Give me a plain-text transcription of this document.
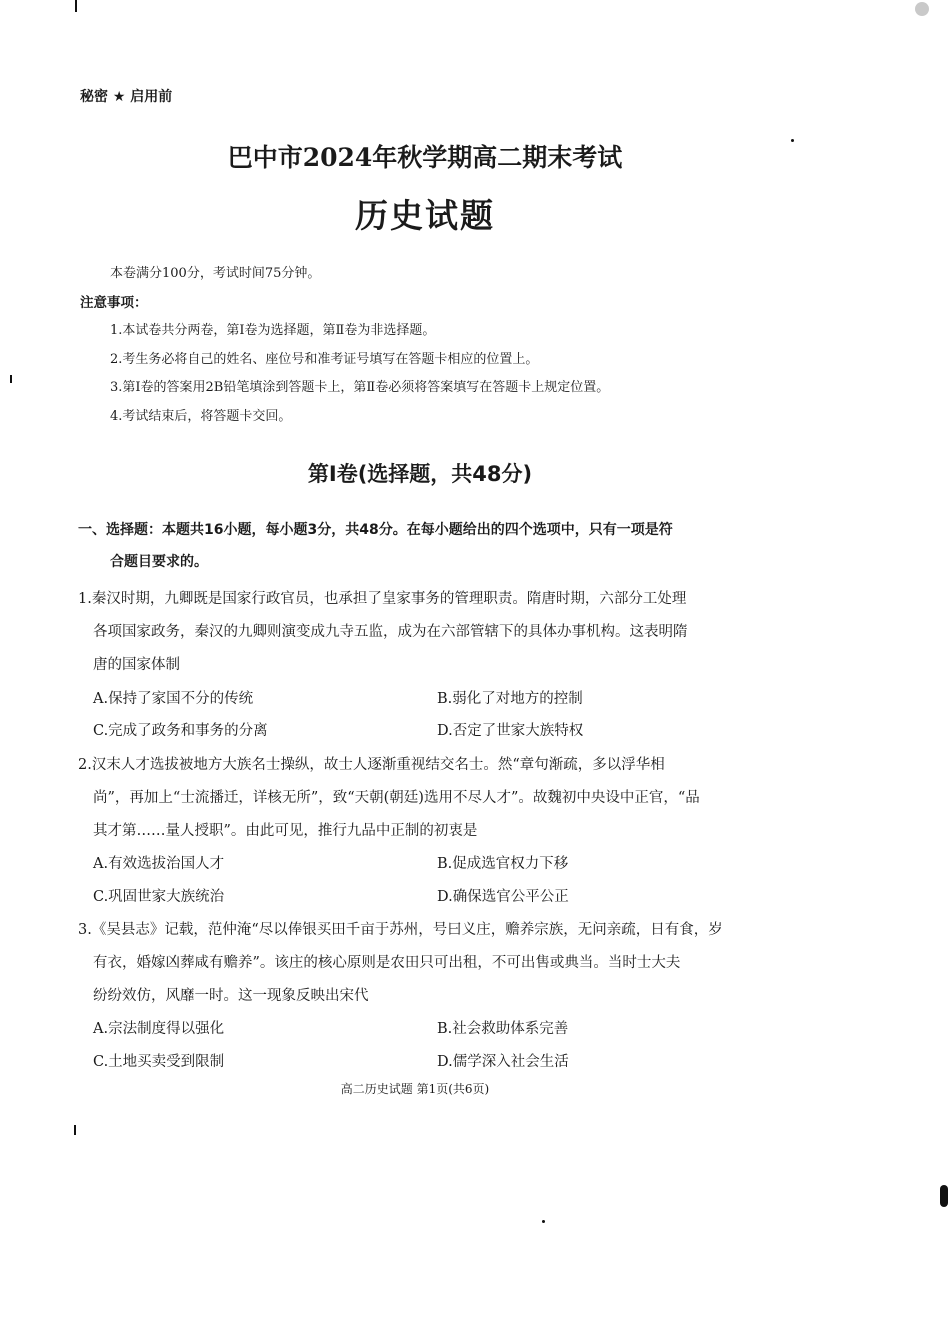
秘密 ★ 启用前
巴中市2024年秋学期高二期末考试
历史试题
本卷满分100分，考试时间75分钟。
注意事项：
1.本试卷共分两卷，第Ⅰ卷为选择题，第Ⅱ卷为非选择题。
2.考生务必将自己的姓名、座位号和准考证号填写在答题卡相应的位置上。
3.第Ⅰ卷的答案用2B铅笔填涂到答题卡上，第Ⅱ卷必须将答案填写在答题卡上规定位置。
4.考试结束后，将答题卡交回。
第Ⅰ卷(选择题，共48分)
一、选择题：本题共16小题，每小题3分，共48分。在每小题给出的四个选项中，只有一项是符
合题目要求的。
1.秦汉时期，九卿既是国家行政官员，也承担了皇家事务的管理职责。隋唐时期，六部分工处理
各项国家政务，秦汉的九卿则演变成九寺五监，成为在六部管辖下的具体办事机构。这表明隋
唐的国家体制
A.保持了家国不分的传统	B.弱化了对地方的控制
C.完成了政务和事务的分离	D.否定了世家大族特权
2.汉末人才选拔被地方大族名士操纵，故士人逐渐重视结交名士。然“章句渐疏，多以浮华相
尚”，再加上“士流播迁，详核无所”，致“天朝(朝廷)选用不尽人才”。故魏初中央设中正官，“品
其才第……量人授职”。由此可见，推行九品中正制的初衷是
A.有效选拔治国人才	B.促成选官权力下移
C.巩固世家大族统治	D.确保选官公平公正
3.《吴县志》记载，范仲淹“尽以俸银买田千亩于苏州，号曰义庄，赡养宗族，无问亲疏，日有食，岁
有衣，婚嫁凶葬咸有赡养”。该庄的核心原则是农田只可出租，不可出售或典当。当时士大夫
纷纷效仿，风靡一时。这一现象反映出宋代
A.宗法制度得以强化	B.社会救助体系完善
C.土地买卖受到限制	D.儒学深入社会生活
高二历史试题 第1页(共6页)
